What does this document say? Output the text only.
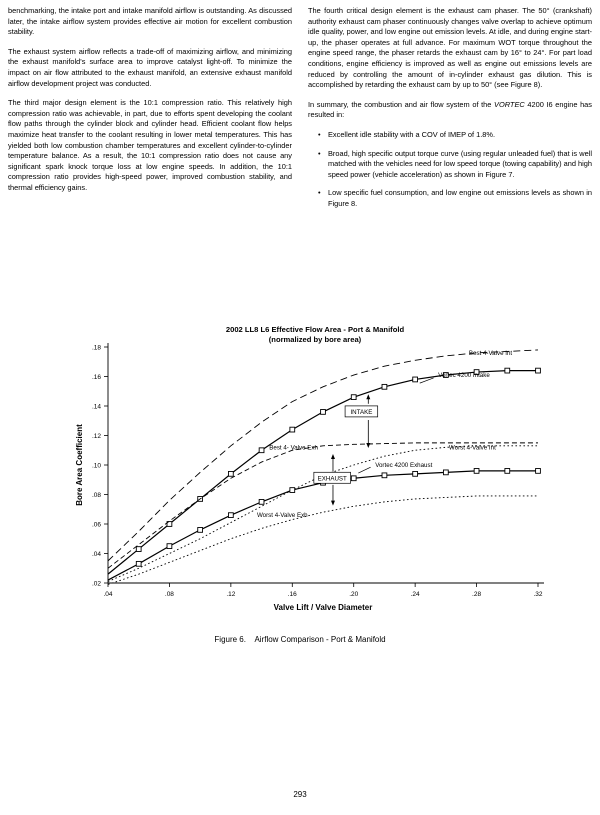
benchmarking, the intake port and intake manifold airflow is outstanding. As discussed later, the intake airflow system provides effective air motion for excellent combustion stability.

The exhaust system airflow reflects a trade-off of maximizing airflow, and minimizing the exhaust manifold's surface area to improve catalyst light-off. To minimize the impact on air flow attributed to the exhaust manifold, an extensive exhaust manifold airflow development project was conducted.

The third major design element is the 10:1 compression ratio. This relatively high compression ratio was achievable, in part, due to efforts spent developing the coolant flow paths through the cylinder block and cylinder head. Efficient coolant flow helps maximize heat transfer to the coolant resulting in lower metal temperatures. This has yielded both low combustion chamber temperatures and excellent cylinder-to-cylinder temperature balance. As a result, the 10:1 compression ratio does not cause any significant spark knock torque loss at low engine speeds. In addition, the 10:1 compression ratio provides high-speed power, improved combustion stability, and thermal efficiency gains.

The fourth critical design element is the exhaust cam phaser. The 50° (crankshaft) authority exhaust cam phaser continuously changes valve overlap to achieve optimum idle quality, power, and low engine out emission levels. At idle, and during engine start-up, the phaser operates at full advance. For maximum WOT torque throughout the engine speed range, the phaser retards the exhaust cam by 16° to 24°. For part load conditions, engine efficiency is improved as well as engine out emissions levels are reduced by controlling the amount of in-cylinder exhaust gas dilution. This is accomplished by retarding the exhaust cam by up to 50° (see Figure 8).

In summary, the combustion and air flow system of the VORTEC 4200 I6 engine has resulted in:

• Excellent idle stability with a COV of IMEP of 1.8%.
• Broad, high specific output torque curve (using regular unleaded fuel) that is well matched with the vehicles need for low speed torque (towing capability) and high speed power (vehicle acceleration) as shown in Figure 7.
• Low specific fuel consumption, and low engine out emissions levels as shown in Figure 8.
2002 LL8 L6 Effective Flow Area - Port & Manifold
(normalized by bore area)
.02
.04
.06
.08
.10
.12
.14
.16
.18
.04	.08	.12	.16	.20	.24	.28	.32
Valve Lift / Valve Diameter
Bore Area Coefficient
Best 4-Valve Int
Vortec 4200 Intake
INTAKE
Best 4- Valve Exh	Worst 4-Valve Int
Vortec 4200 Exhaust
EXHAUST
Worst 4-Valve Exh
Figure 6. Airflow Comparison - Port & Manifold
293
